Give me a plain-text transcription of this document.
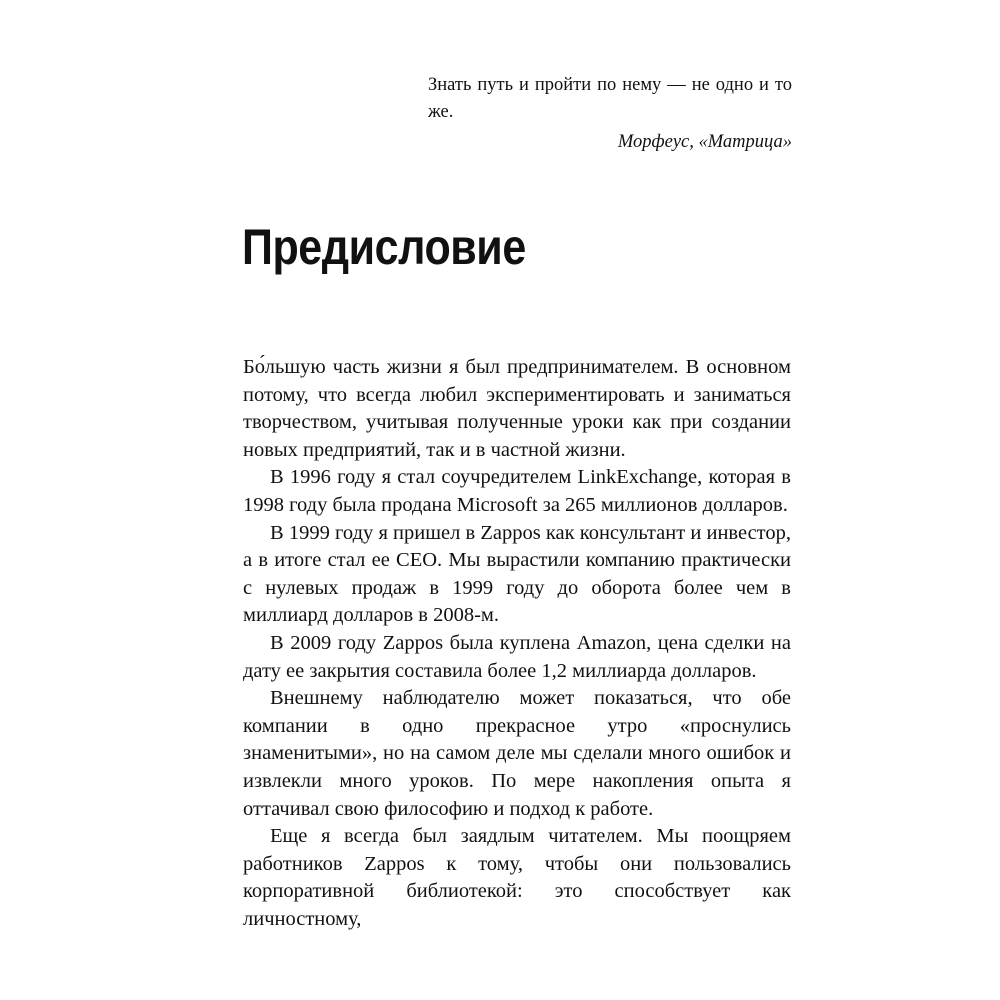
Знать путь и пройти по нему — не одно и то же.

Морфеус, «Матрица»

Предисловие

Бо́льшую часть жизни я был предпринимателем. В основном потому, что всегда любил экспериментировать и заниматься творчеством, учитывая полученные уроки как при создании новых предприятий, так и в частной жизни.

В 1996 году я стал соучредителем LinkExchange, которая в 1998 году была продана Microsoft за 265 миллионов долларов.

В 1999 году я пришел в Zappos как консультант и инвестор, а в итоге стал ее CEO. Мы вырастили компанию практически с нулевых продаж в 1999 году до оборота более чем в миллиард долларов в 2008-м.

В 2009 году Zappos была куплена Amazon, цена сделки на дату ее закрытия составила более 1,2 миллиарда долларов.

Внешнему наблюдателю может показаться, что обе компании в одно прекрасное утро «проснулись знаменитыми», но на самом деле мы сделали много ошибок и извлекли много уроков. По мере накопления опыта я оттачивал свою философию и подход к работе.

Еще я всегда был заядлым читателем. Мы поощряем работников Zappos к тому, чтобы они пользовались корпоративной библиотекой: это способствует как личностному,
